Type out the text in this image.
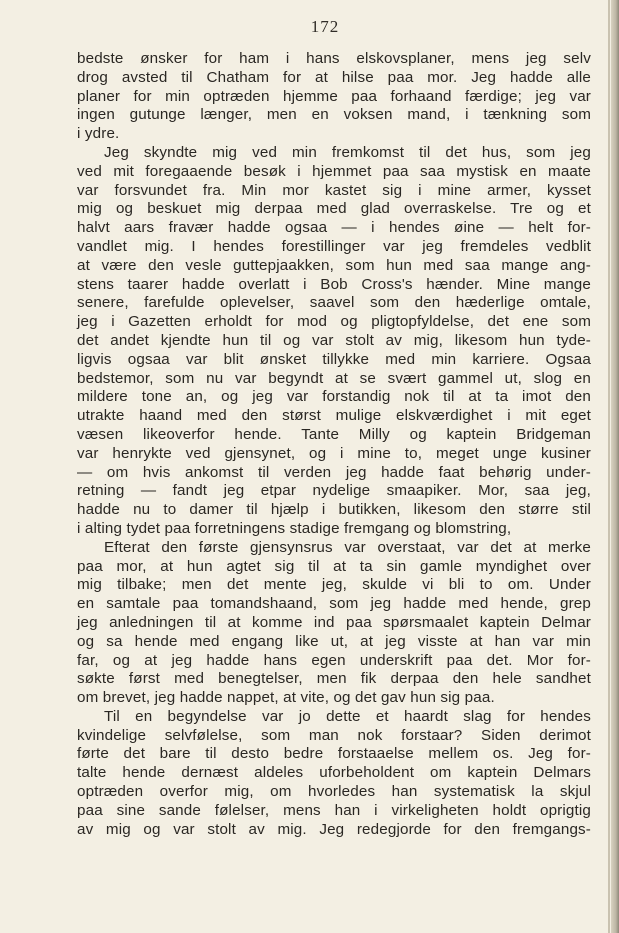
172
bedste ønsker for ham i hans elskovsplaner, mens jeg selv
drog avsted til Chatham for at hilse paa mor. Jeg hadde alle
planer for min optræden hjemme paa forhaand færdige; jeg var
ingen gutunge længer, men en voksen mand, i tænkning som
i ydre.
Jeg skyndte mig ved min fremkomst til det hus, som jeg
ved mit foregaaende besøk i hjemmet paa saa mystisk en maate
var forsvundet fra. Min mor kastet sig i mine armer, kysset
mig og beskuet mig derpaa med glad overraskelse. Tre og et
halvt aars fravær hadde ogsaa — i hendes øine — helt for-
vandlet mig. I hendes forestillinger var jeg fremdeles vedblit
at være den vesle guttepjaakken, som hun med saa mange ang-
stens taarer hadde overlatt i Bob Cross's hænder. Mine mange
senere, farefulde oplevelser, saavel som den hæderlige omtale,
jeg i Gazetten erholdt for mod og pligtopfyldelse, det ene som
det andet kjendte hun til og var stolt av mig, likesom hun tyde-
ligvis ogsaa var blit ønsket tillykke med min karriere. Ogsaa
bedstemor, som nu var begyndt at se svært gammel ut, slog en
mildere tone an, og jeg var forstandig nok til at ta imot den
utrakte haand med den størst mulige elskværdighet i mit eget
væsen likeoverfor hende. Tante Milly og kaptein Bridgeman
var henrykte ved gjensynet, og i mine to, meget unge kusiner
— om hvis ankomst til verden jeg hadde faat behørig under-
retning — fandt jeg etpar nydelige smaapiker. Mor, saa jeg,
hadde nu to damer til hjælp i butikken, likesom den større stil
i alting tydet paa forretningens stadige fremgang og blomstring,
Efterat den første gjensynsrus var overstaat, var det at merke
paa mor, at hun agtet sig til at ta sin gamle myndighet over
mig tilbake; men det mente jeg, skulde vi bli to om. Under
en samtale paa tomandshaand, som jeg hadde med hende, grep
jeg anledningen til at komme ind paa spørsmaalet kaptein Delmar
og sa hende med engang like ut, at jeg visste at han var min
far, og at jeg hadde hans egen underskrift paa det. Mor for-
søkte først med benegtelser, men fik derpaa den hele sandhet
om brevet, jeg hadde nappet, at vite, og det gav hun sig paa.
Til en begyndelse var jo dette et haardt slag for hendes
kvindelige selvfølelse, som man nok forstaar? Siden derimot
førte det bare til desto bedre forstaaelse mellem os. Jeg for-
talte hende dernæst aldeles uforbeholdent om kaptein Delmars
optræden overfor mig, om hvorledes han systematisk la skjul
paa sine sande følelser, mens han i virkeligheten holdt oprigtig
av mig og var stolt av mig. Jeg redegjorde for den fremgangs-
